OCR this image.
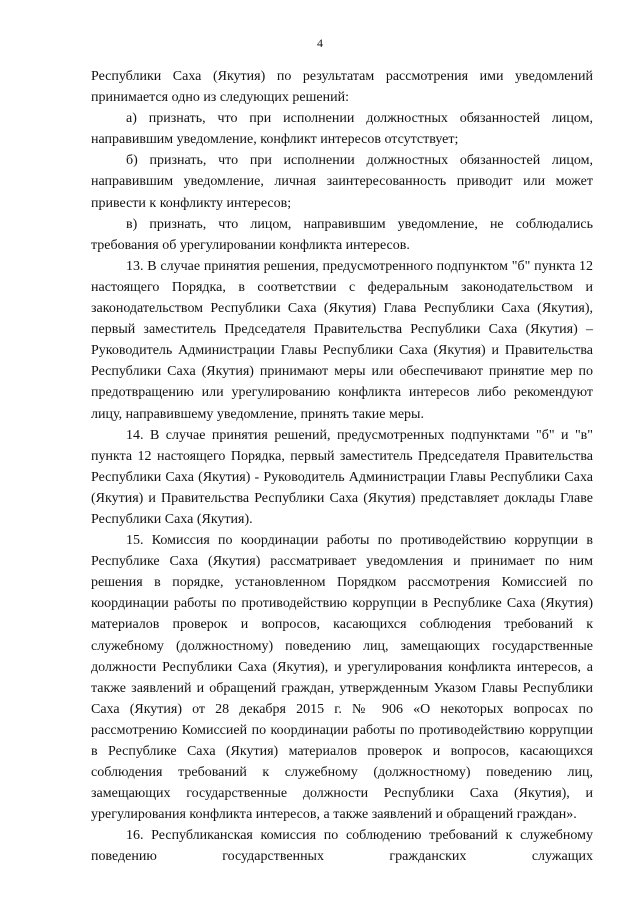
4

Республики Саха (Якутия) по результатам рассмотрения ими уведомлений принимается одно из следующих решений:

а) признать, что при исполнении должностных обязанностей лицом, направившим уведомление, конфликт интересов отсутствует;

б) признать, что при исполнении должностных обязанностей лицом, направившим уведомление, личная заинтересованность приводит или может привести к конфликту интересов;

в) признать, что лицом, направившим уведомление, не соблюдались требования об урегулировании конфликта интересов.

13. В случае принятия решения, предусмотренного подпунктом "б" пункта 12 настоящего Порядка, в соответствии с федеральным законодательством и законодательством Республики Саха (Якутия) Глава Республики Саха (Якутия), первый заместитель Председателя Правительства Республики Саха (Якутия) – Руководитель Администрации Главы Республики Саха (Якутия) и Правительства Республики Саха (Якутия) принимают меры или обеспечивают принятие мер по предотвращению или урегулированию конфликта интересов либо рекомендуют лицу, направившему уведомление, принять такие меры.

14. В случае принятия решений, предусмотренных подпунктами "б" и "в" пункта 12 настоящего Порядка, первый заместитель Председателя Правительства Республики Саха (Якутия) - Руководитель Администрации Главы Республики Саха (Якутия) и Правительства Республики Саха (Якутия) представляет доклады Главе Республики Саха (Якутия).

15. Комиссия по координации работы по противодействию коррупции в Республике Саха (Якутия) рассматривает уведомления и принимает по ним решения в порядке, установленном Порядком рассмотрения Комиссией по координации работы по противодействию коррупции в Республике Саха (Якутия) материалов проверок и вопросов, касающихся соблюдения требований к служебному (должностному) поведению лиц, замещающих государственные должности Республики Саха (Якутия), и урегулирования конфликта интересов, а также заявлений и обращений граждан, утвержденным Указом Главы Республики Саха (Якутия) от 28 декабря 2015 г. № 906 «О некоторых вопросах по рассмотрению Комиссией по координации работы по противодействию коррупции в Республике Саха (Якутия) материалов проверок и вопросов, касающихся соблюдения требований к служебному (должностному) поведению лиц, замещающих государственные должности Республики Саха (Якутия), и урегулирования конфликта интересов, а также заявлений и обращений граждан».

16. Республиканская комиссия по соблюдению требований к служебному поведению государственных гражданских служащих
